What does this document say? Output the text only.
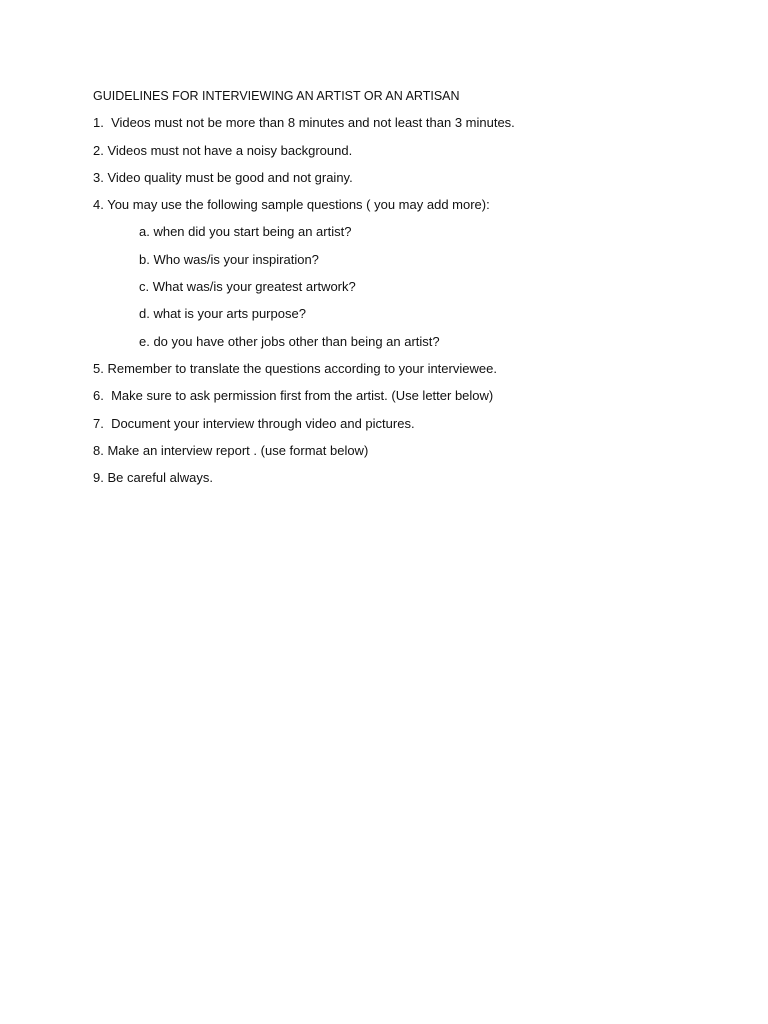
GUIDELINES FOR INTERVIEWING AN ARTIST OR AN ARTISAN
1.  Videos must not be more than 8 minutes and not least than 3 minutes.
2. Videos must not have a noisy background.
3. Video quality must be good and not grainy.
4. You may use the following sample questions ( you may add more):
a. when did you start being an artist?
b. Who was/is your inspiration?
c. What was/is your greatest artwork?
d. what is your arts purpose?
e. do you have other jobs other than being an artist?
5. Remember to translate the questions according to your interviewee.
6.  Make sure to ask permission first from the artist. (Use letter below)
7.  Document your interview through video and pictures.
8. Make an interview report . (use format below)
9. Be careful always.
